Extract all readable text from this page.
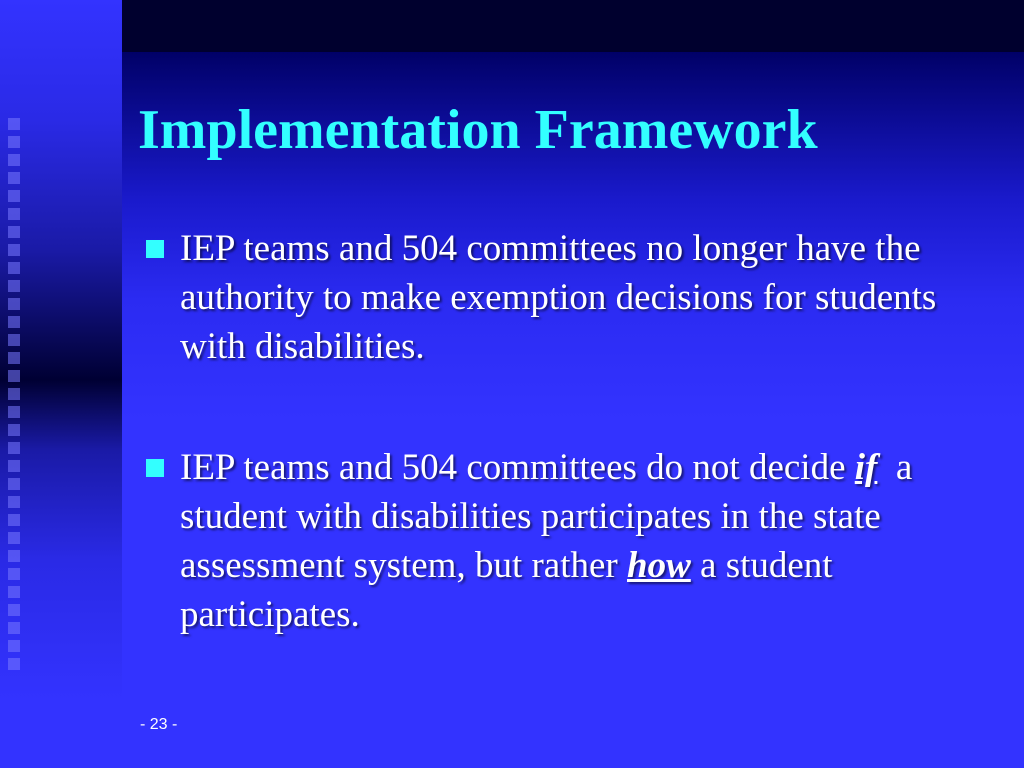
Implementation Framework
IEP teams and 504 committees no longer have the authority to make exemption decisions for students with disabilities.
IEP teams and 504 committees do not decide if  a student with disabilities participates in the state assessment system, but rather how a student participates.
- 23 -
